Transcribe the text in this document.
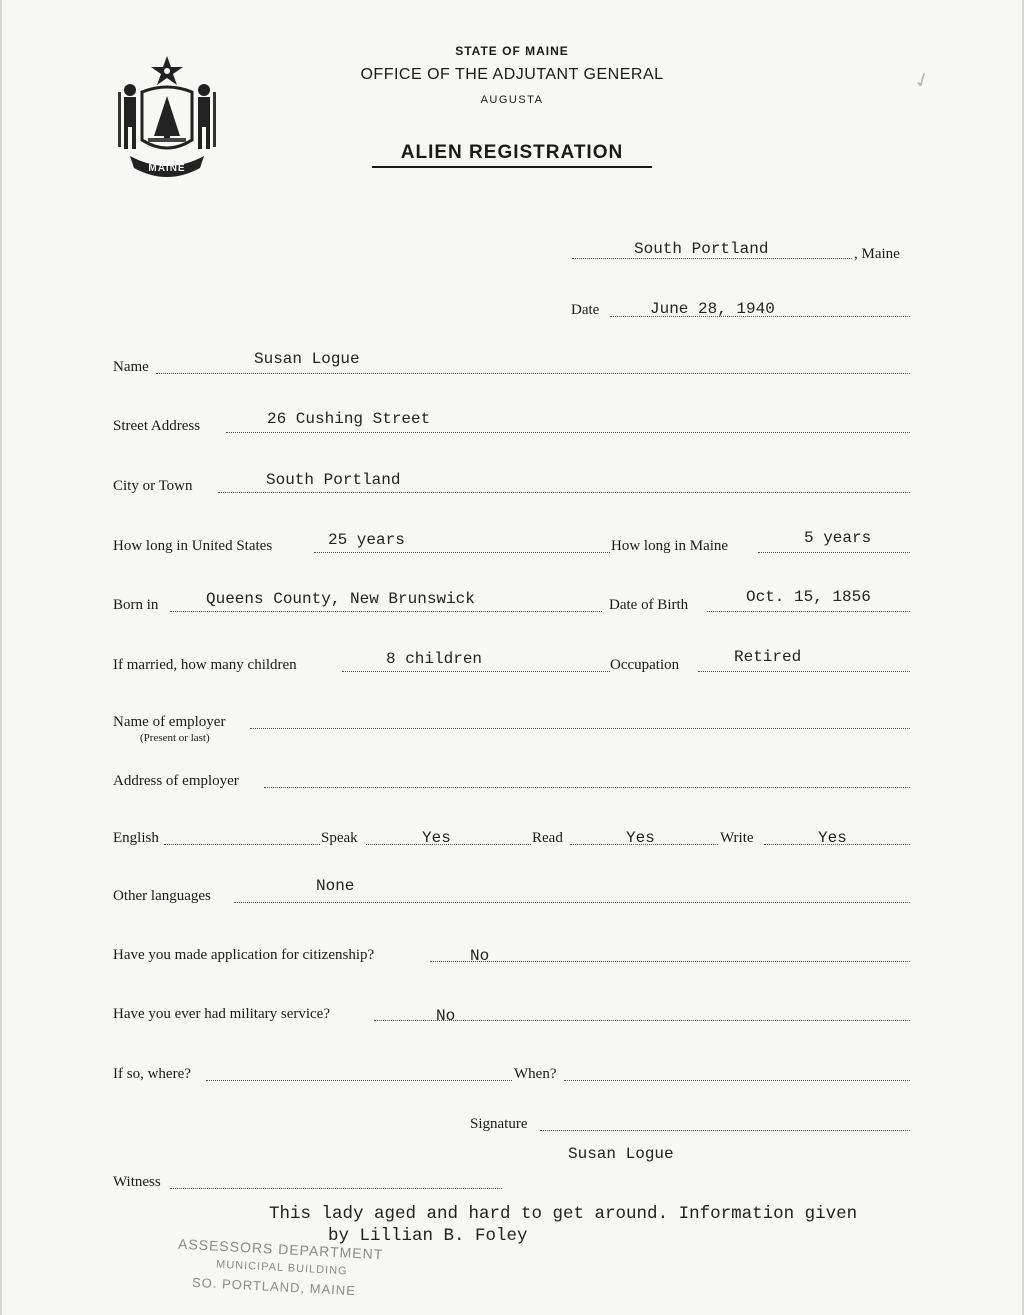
MAINE
STATE OF MAINE
OFFICE OF THE ADJUTANT GENERAL
AUGUSTA
ALIEN REGISTRATION
✓
South Portland	, Maine
Date	June 28, 1940
Name	Susan Logue
Street Address	26 Cushing Street
City or Town	South Portland
How long in United States	25 years	How long in Maine	5 years
Born in	Queens County, New Brunswick	Date of Birth	Oct. 15, 1856
If married, how many children	8 children	Occupation	Retired
Name of employer
(Present or last)
Address of employer
English	Speak	Yes	Read	Yes	Write	Yes
Other languages
None
Have you made application for citizenship?	No
Have you ever had military service?	No
If so, where?	When?
Signature
Susan Logue
Witness
This lady aged and hard to get around. Information given
by Lillian B. Foley
ASSESSORS DEPARTMENT
MUNICIPAL BUILDING
SO. PORTLAND, MAINE
